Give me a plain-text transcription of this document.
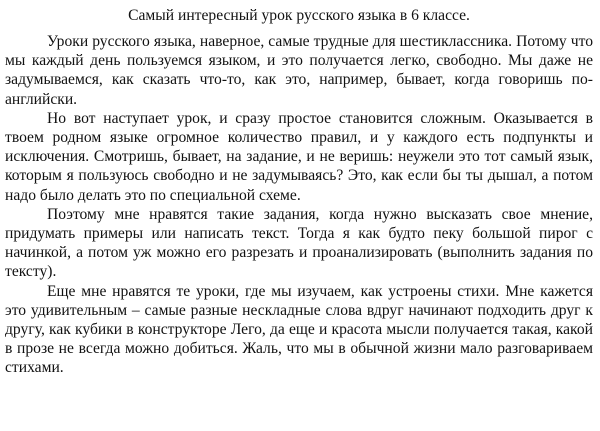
Самый интересный урок русского языка в 6 классе.

Уроки русского языка, наверное, самые трудные для шестиклассника. Потому что мы каждый день пользуемся языком, и это получается легко, свободно. Мы даже не задумываемся, как сказать что-то, как это, например, бывает, когда говоришь по-английски.

Но вот наступает урок, и сразу простое становится сложным. Оказывается в твоем родном языке огромное количество правил, и у каждого есть подпункты и исключения. Смотришь, бывает, на задание, и не веришь: неужели это тот самый язык, которым я пользуюсь свободно и не задумываясь? Это, как если бы ты дышал, а потом надо было делать это по специальной схеме.

Поэтому мне нравятся такие задания, когда нужно высказать свое мнение, придумать примеры или написать текст. Тогда я как будто пеку большой пирог с начинкой, а потом уж можно его разрезать и проанализировать (выполнить задания по тексту).

Еще мне нравятся те уроки, где мы изучаем, как устроены стихи. Мне кажется это удивительным – самые разные нескладные слова вдруг начинают подходить друг к другу, как кубики в конструкторе Лего, да еще и красота мысли получается такая, какой в прозе не всегда можно добиться. Жаль, что мы в обычной жизни мало разговариваем стихами.
